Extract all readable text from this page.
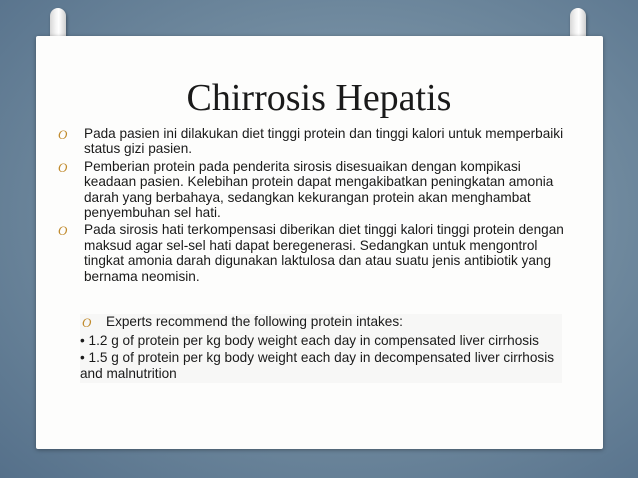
Chirrosis Hepatis
O Pada pasien ini dilakukan diet tinggi protein dan tinggi kalori untuk memperbaiki status gizi pasien.
O Pemberian protein pada penderita sirosis disesuaikan dengan kompikasi keadaan pasien. Kelebihan protein dapat mengakibatkan peningkatan amonia darah yang berbahaya, sedangkan kekurangan protein akan menghambat penyembuhan sel hati.
O Pada sirosis hati terkompensasi diberikan diet tinggi kalori tinggi protein dengan maksud agar sel-sel hati dapat beregenerasi. Sedangkan untuk mengontrol tingkat amonia darah digunakan laktulosa dan atau suatu jenis antibiotik yang bernama neomisin.
O Experts recommend the following protein intakes:
• 1.2 g of protein per kg body weight each day in compensated liver cirrhosis
• 1.5 g of protein per kg body weight each day in decompensated liver cirrhosis and malnutrition
